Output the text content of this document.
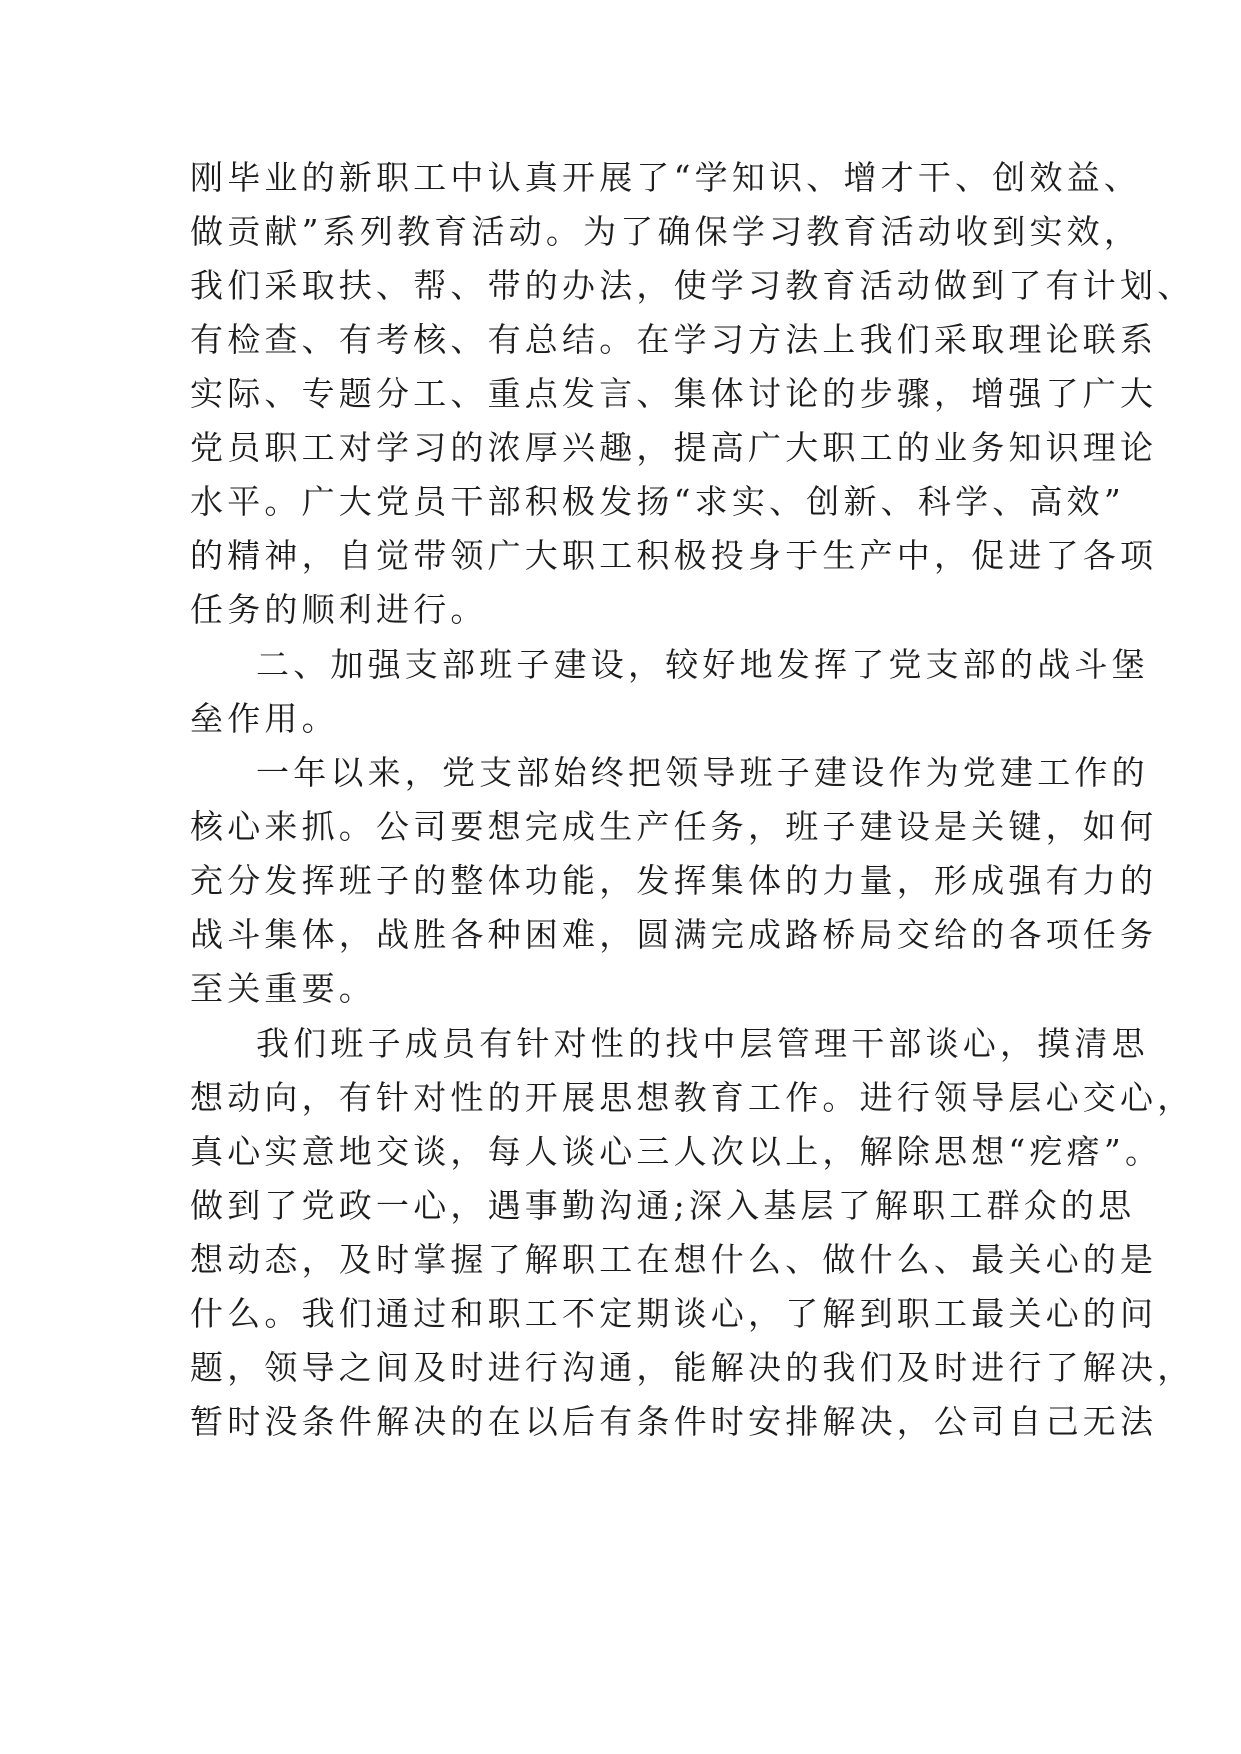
刚毕业的新职工中认真开展了“学知识、增才干、创效益、
做贡献”系列教育活动。为了确保学习教育活动收到实效，
我们采取扶、帮、带的办法，使学习教育活动做到了有计划、
有检查、有考核、有总结。在学习方法上我们采取理论联系
实际、专题分工、重点发言、集体讨论的步骤，增强了广大
党员职工对学习的浓厚兴趣，提高广大职工的业务知识理论
水平。广大党员干部积极发扬“求实、创新、科学、高效”
的精神，自觉带领广大职工积极投身于生产中，促进了各项
任务的顺利进行。
二、加强支部班子建设，较好地发挥了党支部的战斗堡
垒作用。
一年以来，党支部始终把领导班子建设作为党建工作的
核心来抓。公司要想完成生产任务，班子建设是关键，如何
充分发挥班子的整体功能，发挥集体的力量，形成强有力的
战斗集体，战胜各种困难，圆满完成路桥局交给的各项任务
至关重要。
我们班子成员有针对性的找中层管理干部谈心，摸清思
想动向，有针对性的开展思想教育工作。进行领导层心交心，
真心实意地交谈，每人谈心三人次以上，解除思想“疙瘩”。
做到了党政一心，遇事勤沟通;深入基层了解职工群众的思
想动态，及时掌握了解职工在想什么、做什么、最关心的是
什么。我们通过和职工不定期谈心，了解到职工最关心的问
题，领导之间及时进行沟通，能解决的我们及时进行了解决，
暂时没条件解决的在以后有条件时安排解决，公司自己无法
